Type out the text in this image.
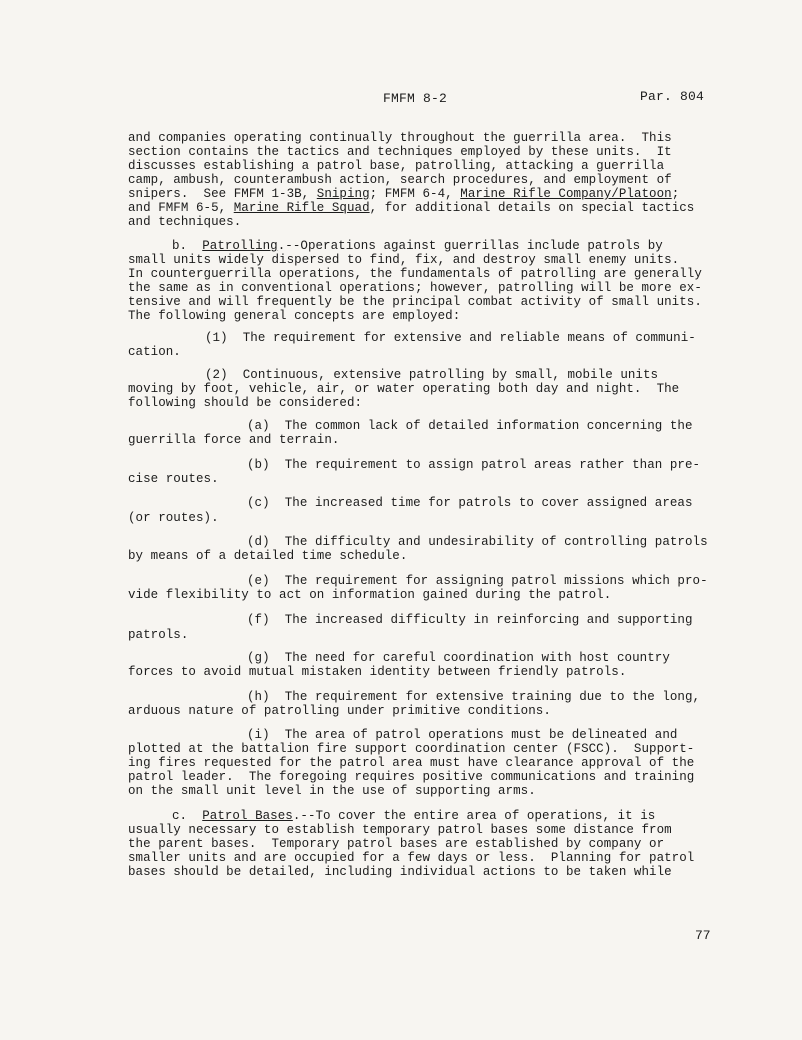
FMFM 8-2	Par. 804
and companies operating continually throughout the guerrilla area.  This
section contains the tactics and techniques employed by these units.  It
discusses establishing a patrol base, patrolling, attacking a guerrilla
camp, ambush, counterambush action, search procedures, and employment of
snipers.  See FMFM 1-3B, Sniping; FMFM 6-4, Marine Rifle Company/Platoon;
and FMFM 6-5, Marine Rifle Squad, for additional details on special tactics
and techniques.
b.  Patrolling.--Operations against guerrillas include patrols by
small units widely dispersed to find, fix, and destroy small enemy units.
In counterguerrilla operations, the fundamentals of patrolling are generally
the same as in conventional operations; however, patrolling will be more ex-
tensive and will frequently be the principal combat activity of small units.
The following general concepts are employed:
(1)  The requirement for extensive and reliable means of communi-
cation.
(2)  Continuous, extensive patrolling by small, mobile units
moving by foot, vehicle, air, or water operating both day and night.  The
following should be considered:
(a)  The common lack of detailed information concerning the
guerrilla force and terrain.
(b)  The requirement to assign patrol areas rather than pre-
cise routes.
(c)  The increased time for patrols to cover assigned areas
(or routes).
(d)  The difficulty and undesirability of controlling patrols
by means of a detailed time schedule.
(e)  The requirement for assigning patrol missions which pro-
vide flexibility to act on information gained during the patrol.
(f)  The increased difficulty in reinforcing and supporting
patrols.
(g)  The need for careful coordination with host country
forces to avoid mutual mistaken identity between friendly patrols.
(h)  The requirement for extensive training due to the long,
arduous nature of patrolling under primitive conditions.
(i)  The area of patrol operations must be delineated and
plotted at the battalion fire support coordination center (FSCC).  Support-
ing fires requested for the patrol area must have clearance approval of the
patrol leader.  The foregoing requires positive communications and training
on the small unit level in the use of supporting arms.
c.  Patrol Bases.--To cover the entire area of operations, it is
usually necessary to establish temporary patrol bases some distance from
the parent bases.  Temporary patrol bases are established by company or
smaller units and are occupied for a few days or less.  Planning for patrol
bases should be detailed, including individual actions to be taken while
77
